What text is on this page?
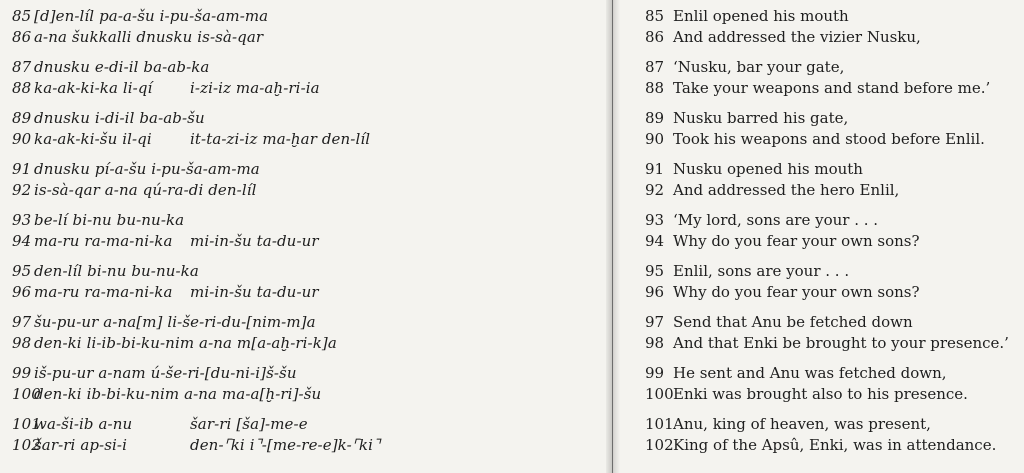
85 [d]en-líl pa-a-šu i-pu-ša-am-ma
86 a-na šukkalli dnusku is-sà-qar
87 dnusku e-di-il ba-ab-ka
88 ka-ak-ki-ka li-qí	i-zi-iz ma-aḫ-ri-ia
89 dnusku i-di-il ba-ab-šu
90 ka-ak-ki-šu il-qi	it-ta-zi-iz ma-ḫar den-líl
91 dnusku pí-a-šu i-pu-ša-am-ma
92 is-sà-qar a-na qú-ra-di den-líl
93 be-lí bi-nu bu-nu-ka
94 ma-ru ra-ma-ni-ka mi-in-šu ta-du-ur
95 den-líl bi-nu bu-nu-ka
96 ma-ru ra-ma-ni-ka mi-in-šu ta-du-ur
97 šu-pu-ur a-na[m] li-še-ri-du-[nim-m]a
98 den-ki li-ib-bi-ku-nim a-na m[a-aḫ-ri-k]a
99 iš-pu-ur a-nam ú-še-ri-[du-ni-i]š-šu
100den-ki ib-bi-ku-nim a-na ma-a[ḫ-ri]-šu
101wa-ši-ib a-nu	šar-ri [ša]-me-e
102šar-ri ap-si-i	den-⌜ki i⌝-[me-re-e]k-⌜ki⌝
85 Enlil opened his mouth
86 And addressed the vizier Nusku,
87 ‘Nusku, bar your gate,
88 Take your weapons and stand before me.’
89 Nusku barred his gate,
90 Took his weapons and stood before Enlil.
91 Nusku opened his mouth
92 And addressed the hero Enlil,
93 ‘My lord, sons are your . . .
94 Why do you fear your own sons?
95 Enlil, sons are your . . .
96 Why do you fear your own sons?
97 Send that Anu be fetched down
98 And that Enki be brought to your presence.’
99 He sent and Anu was fetched down,
100Enki was brought also to his presence.
101Anu, king of heaven, was present,
102King of the Apsû, Enki, was in attendance.
